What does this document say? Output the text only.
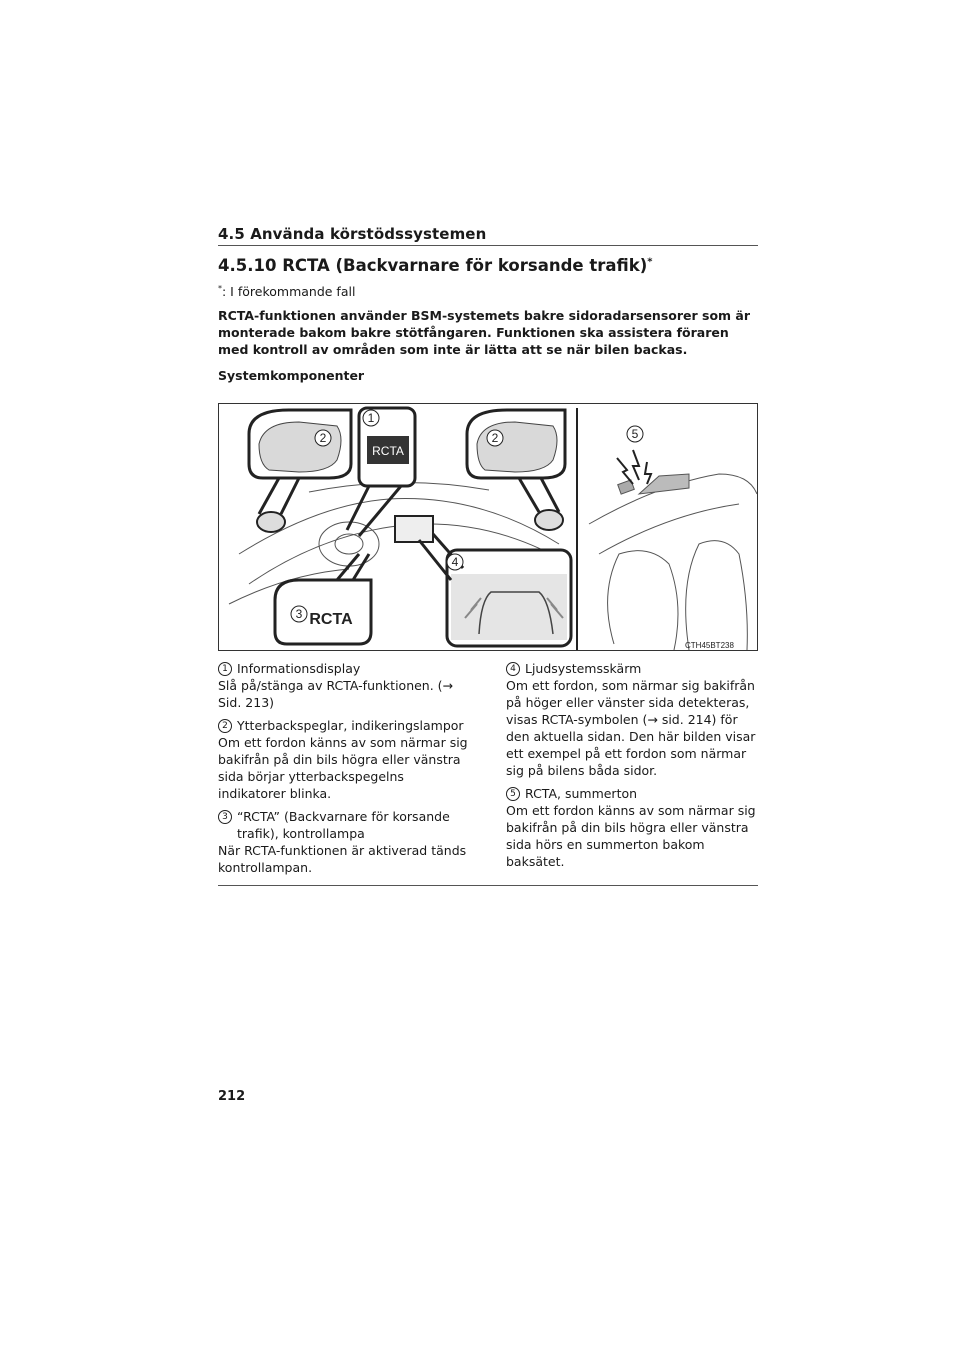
4.5 Använda körstödssystemen
4.5.10 RCTA (Backvarnare för korsande trafik)*
*: I förekommande fall
RCTA-funktionen använder BSM-systemets bakre sidoradarsensorer som är monterade bakom bakre stötfångaren. Funktionen ska assistera föraren med kontroll av områden som inte är lätta att se när bilen backas.
Systemkomponenter
RCTA
RCTA
1
2	2
3
4
5
CTH45BT238
1 Informationsdisplay

Slå på/stänga av RCTA-funktionen. (→ Sid. 213)

2 Ytterbackspeglar, indikeringslampor

Om ett fordon känns av som närmar sig bakifrån på din bils högra eller vänstra sida börjar ytterbackspegelns indikatorer blinka.

3 “RCTA” (Backvarnare för korsande trafik), kontrollampa

När RCTA-funktionen är aktiverad tänds kontrollampan.

4 Ljudsystemsskärm

Om ett fordon, som närmar sig bakifrån på höger eller vänster sida detekteras, visas RCTA-symbolen (→ sid. 214) för den aktuella sidan. Den här bilden visar ett exempel på ett fordon som närmar sig på bilens båda sidor.

5 RCTA, summerton

Om ett fordon känns av som närmar sig bakifrån på din bils högra eller vänstra sida hörs en summerton bakom baksätet.

212
